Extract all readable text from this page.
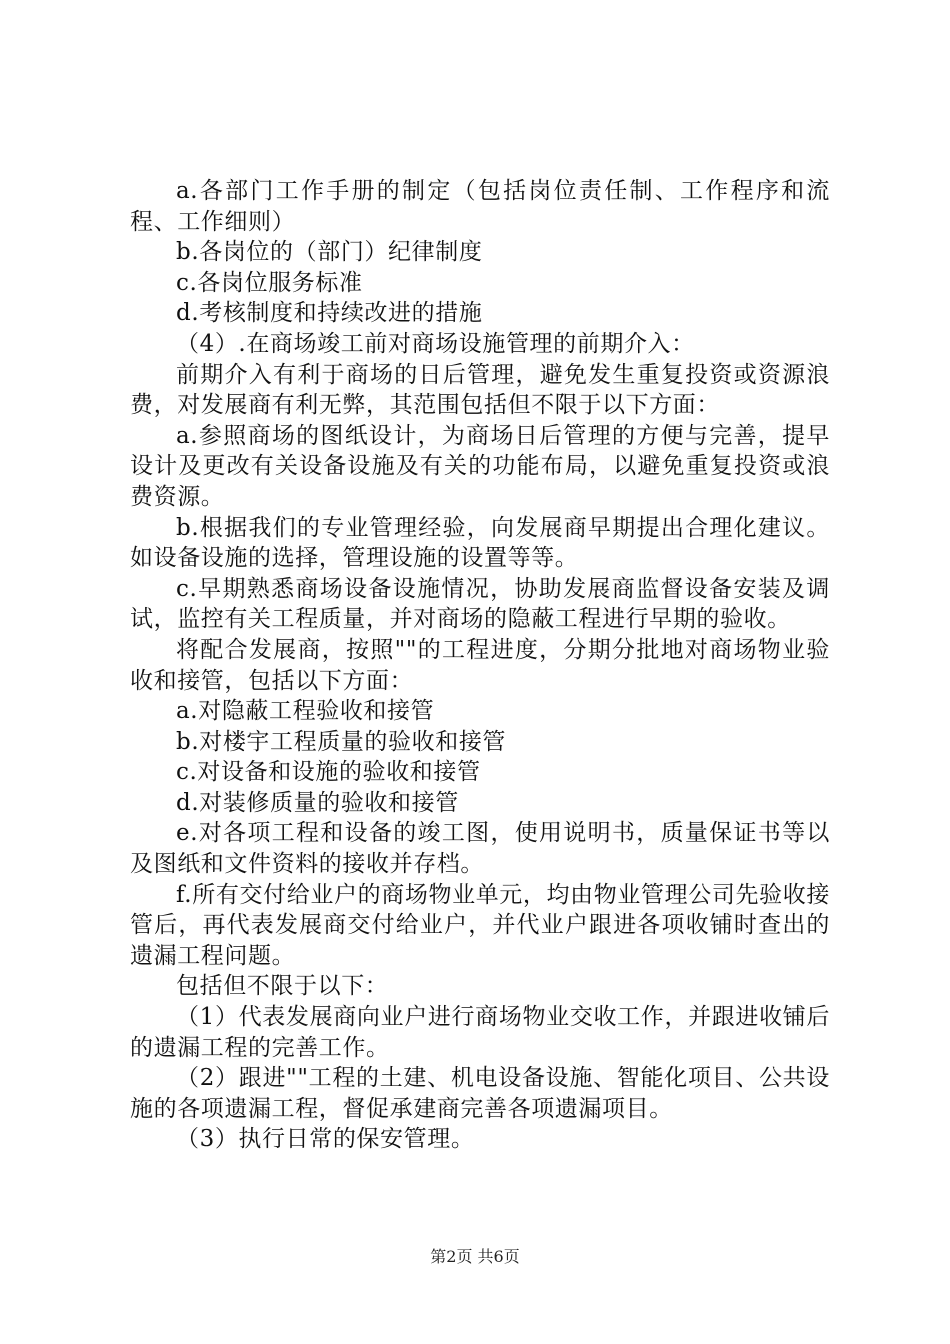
a.各部门工作手册的制定（包括岗位责任制、工作程序和流程、工作细则）

b.各岗位的（部门）纪律制度

c.各岗位服务标准

d.考核制度和持续改进的措施

（4）.在商场竣工前对商场设施管理的前期介入：

前期介入有利于商场的日后管理，避免发生重复投资或资源浪费，对发展商有利无弊，其范围包括但不限于以下方面：

a.参照商场的图纸设计，为商场日后管理的方便与完善，提早设计及更改有关设备设施及有关的功能布局，以避免重复投资或浪费资源。

b.根据我们的专业管理经验，向发展商早期提出合理化建议。如设备设施的选择，管理设施的设置等等。

c.早期熟悉商场设备设施情况，协助发展商监督设备安装及调试，监控有关工程质量，并对商场的隐蔽工程进行早期的验收。

将配合发展商，按照""的工程进度，分期分批地对商场物业验收和接管，包括以下方面：

a.对隐蔽工程验收和接管

b.对楼宇工程质量的验收和接管

c.对设备和设施的验收和接管

d.对装修质量的验收和接管

e.对各项工程和设备的竣工图，使用说明书，质量保证书等以及图纸和文件资料的接收并存档。

f.所有交付给业户的商场物业单元，均由物业管理公司先验收接管后，再代表发展商交付给业户，并代业户跟进各项收铺时查出的遗漏工程问题。

包括但不限于以下：

（1）代表发展商向业户进行商场物业交收工作，并跟进收铺后的遗漏工程的完善工作。

（2）跟进""工程的土建、机电设备设施、智能化项目、公共设施的各项遗漏工程，督促承建商完善各项遗漏项目。

（3）执行日常的保安管理。

第2页 共6页
